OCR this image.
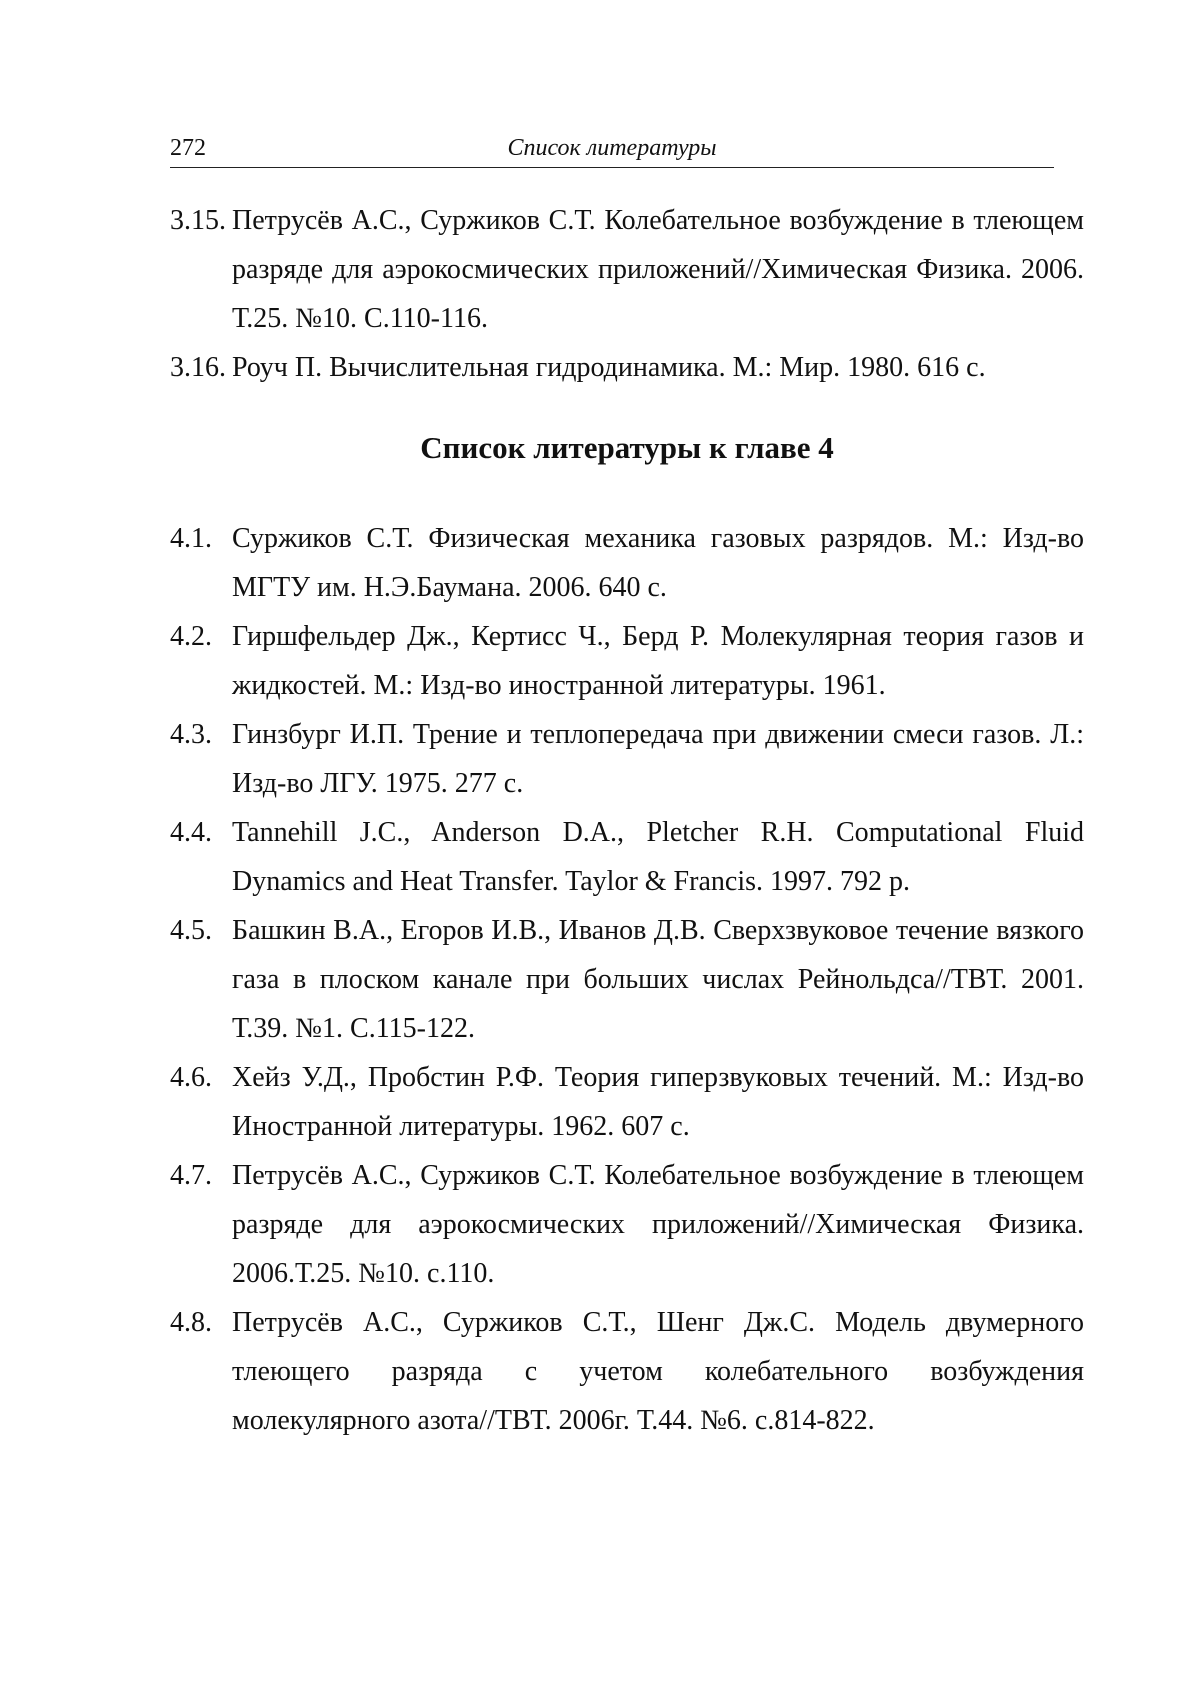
272	Список литературы
3.15. Петрусёв А.С., Суржиков С.Т. Колебательное возбуждение в тлеющем разряде для аэрокосмических приложений//Химическая Физика. 2006. Т.25. №10. С.110-116.
3.16. Роуч П. Вычислительная гидродинамика. М.: Мир. 1980. 616 с.
Список литературы к главе 4
4.1. Суржиков С.Т. Физическая механика газовых разрядов. М.: Изд-во МГТУ им. Н.Э.Баумана. 2006. 640 с.
4.2. Гиршфельдер Дж., Кертисс Ч., Берд Р. Молекулярная теория газов и жидкостей. М.: Изд-во иностранной литературы. 1961.
4.3. Гинзбург И.П. Трение и теплопередача при движении смеси газов. Л.: Изд-во ЛГУ. 1975. 277 с.
4.4. Tannehill J.C., Anderson D.A., Pletcher R.H. Computational Fluid Dynamics and Heat Transfer. Taylor & Francis. 1997. 792 p.
4.5. Башкин В.А., Егоров И.В., Иванов Д.В. Сверхзвуковое течение вязкого газа в плоском канале при больших числах Рейнольдса//ТВТ. 2001. Т.39. №1. С.115-122.
4.6. Хейз У.Д., Пробстин Р.Ф. Теория гиперзвуковых течений. М.: Изд-во Иностранной литературы. 1962. 607 с.
4.7. Петрусёв А.С., Суржиков С.Т. Колебательное возбуждение в тлеющем разряде для аэрокосмических приложений//Химическая Физика. 2006.Т.25. №10. с.110.
4.8. Петрусёв А.С., Суржиков С.Т., Шенг Дж.С. Модель двумерного тлеющего разряда с учетом колебательного возбуждения молекулярного азота//ТВТ. 2006г. Т.44. №6. с.814-822.
